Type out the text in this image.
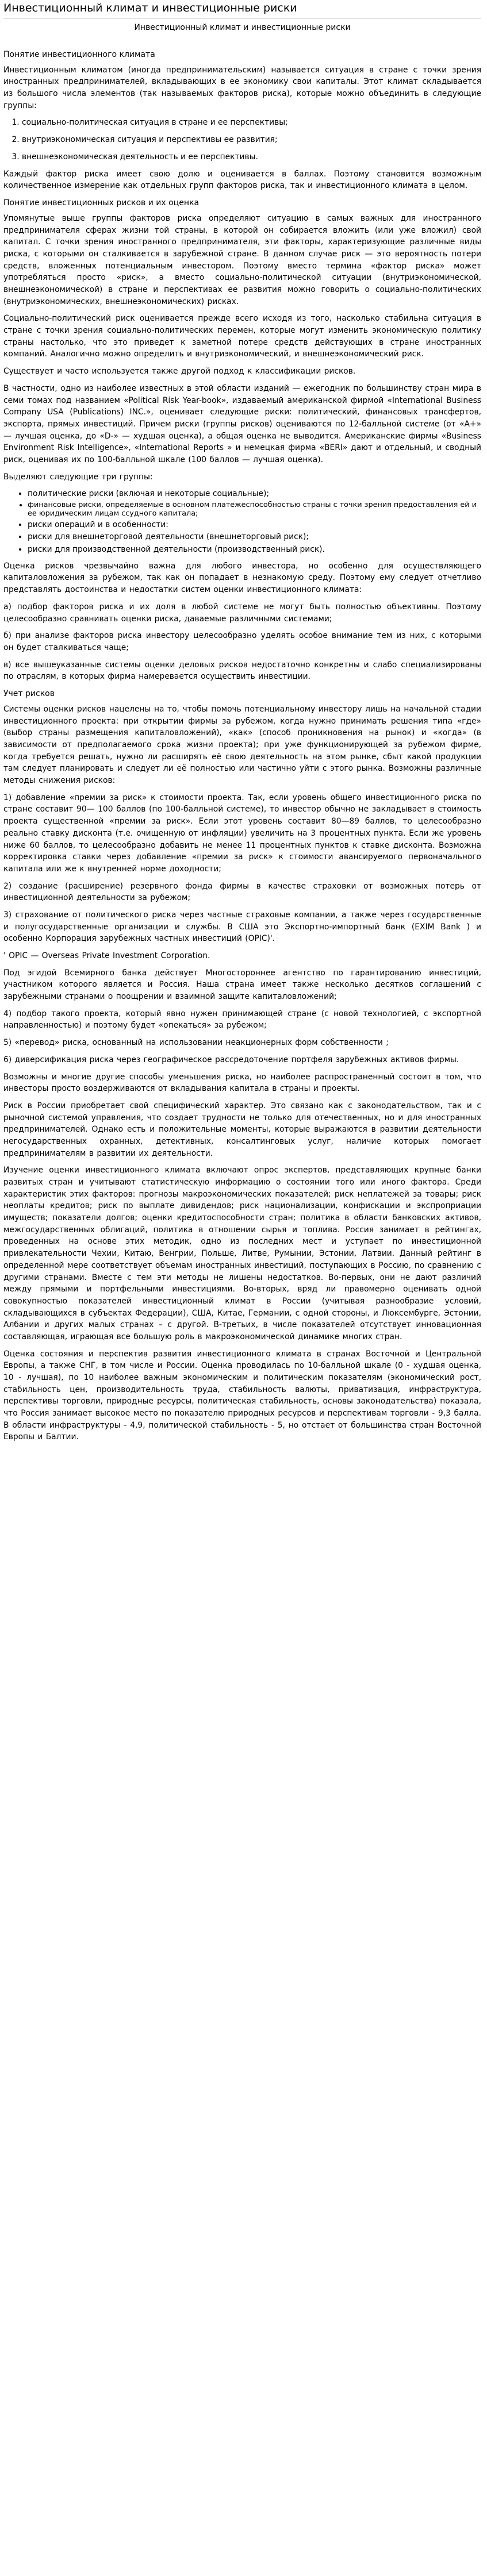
Инвестиционный климат и инвестиционные риски
Инвестиционный климат и инвестиционные риски
Понятие инвестиционного климата

Инвестиционным климатом (иногда предпринимательским) называется ситуация в стране с точки зрения иностранных предпринимателей, вкладывающих в ее экономику свои капиталы. Этот климат складывается из большого числа элементов (так называемых факторов риска), которые можно объединить в следующие группы:

1. социально-политическая ситуация в стране и ее перспективы;
2. внутриэкономическая ситуация и перспективы ее развития;
3. внешнеэкономическая деятельность и ее перспективы.

Каждый фактор риска имеет свою долю и оценивается в баллах. Поэтому становится возможным количественное измерение как отдельных групп факторов риска, так и инвестиционного климата в целом.

Понятие инвестиционных рисков и их оценка

Упомянутые выше группы факторов риска определяют ситуацию в самых важных для иностранного предпринимателя сферах жизни той страны, в которой он собирается вложить (или уже вложил) свой капитал. С точки зрения иностранного предпринимателя, эти факторы, характеризующие различные виды риска, с которыми он сталкивается в зарубежной стране. В данном случае риск — это вероятность потери средств, вложенных потенциальным инвестором. Поэтому вместо термина «фактор риска» может употребляться просто «риск», а вместо социально-политической ситуации (внутриэкономической, внешнеэкономической) в стране и перспективах ее развития можно говорить о социально-политических (внутриэкономических, внешнеэкономических) рисках.

Социально-политический риск оценивается прежде всего исходя из того, насколько стабильна ситуация в стране с точки зрения социально-политических перемен, которые могут изменить экономическую политику страны настолько, что это приведет к заметной потере средств действующих в стране иностранных компаний. Аналогично можно определить и внутриэкономический, и внешнеэкономический риск.

Существует и часто используется также другой подход к классификации рисков.

В частности, одно из наиболее известных в этой области изданий — ежегодник по большинству стран мира в семи томах под названием «Political Risk Year-book», издаваемый американской фирмой «International Business Company USA (Publications) INC.», оценивает следующие риски: политический, финансовых трансфертов, экспорта, прямых инвестиций. Причем риски (группы рисков) оцениваются по 12-балльной системе (от «A+» — лучшая оценка, до «D-» — худшая оценка), а общая оценка не выводится. Американские фирмы «Business Environment Risk Intelligence», «International Reports » и немецкая фирма «BERI» дают и отдельный, и сводный риск, оценивая их по 100-балльной шкале (100 баллов — лучшая оценка).

Выделяют следующие три группы:

• политические риски (включая и некоторые социальные);
• финансовые риски, определяемые в основном платежеспособностью страны с точки зрения предоставления ей и ее юридическим лицам ссудного капитала;
• риски операций и в особенности:
• риски для внешнеторговой деятельности (внешнеторговый риск);
• риски для производственной деятельности (производственный риск).

Оценка рисков чрезвычайно важна для любого инвестора, но особенно для осуществляющего капиталовложения за рубежом, так как он попадает в незнакомую среду. Поэтому ему следует отчетливо представлять достоинства и недостатки систем оценки инвестиционного климата:

а) подбор факторов риска и их доля в любой системе не могут быть полностью объективны. Поэтому целесообразно сравнивать оценки риска, даваемые различными системами;

б) при анализе факторов риска инвестору целесообразно уделять особое внимание тем из них, с которыми он будет сталкиваться чаще;

в) все вышеуказанные системы оценки деловых рисков недостаточно конкретны и слабо специализированы по отраслям, в которых фирма намеревается осуществить инвестиции.

Учет рисков

Системы оценки рисков нацелены на то, чтобы помочь потенциальному инвестору лишь на начальной стадии инвестиционного проекта: при открытии фирмы за рубежом, когда нужно принимать решения типа «где» (выбор страны размещения капиталовложений), «как» (способ проникновения на рынок) и «когда» (в зависимости от предполагаемого срока жизни проекта); при уже функционирующей за рубежом фирме, когда требуется решать, нужно ли расширять её свою деятельность на этом рынке, сбыт какой продукции там следует планировать и следует ли её полностью или частично уйти с этого рынка. Возможны различные методы снижения рисков:

1) добавление «премии за риск» к стоимости проекта. Так, если уровень общего инвестиционного риска по стране составит 90— 100 баллов (по 100-балльной системе), то инвестор обычно не закладывает в стоимость проекта существенной «премии за риск». Если этот уровень составит 80—89 баллов, то целесообразно реально ставку дисконта (т.е. очищенную от инфляции) увеличить на 3 процентных пункта. Если же уровень ниже 60 баллов, то целесообразно добавить не менее 11 процентных пунктов к ставке дисконта. Возможна корректировка ставки через добавление «премии за риск» к стоимости авансируемого первоначального капитала или же к внутренней норме доходности;

2) создание (расширение) резервного фонда фирмы в качестве страховки от возможных потерь от инвестиционной деятельности за рубежом;

3) страхование от политического риска через частные страховые компании, а также через государственные и полугосударственные организации и службы. В США это Экспортно-импортный банк (EXIM Bank ) и особенно Корпорация зарубежных частных инвестиций (OPIC)'.

' OPIC — Overseas Private Investment Corporation.

Под эгидой Всемирного банка действует Многостороннее агентство по гарантированию инвестиций, участником которого является и Россия. Наша страна имеет также несколько десятков соглашений с зарубежными странами о поощрении и взаимной защите капиталовложений;

4) подбор такого проекта, который явно нужен принимающей стране (с новой технологией, с экспортной направленностью) и поэтому будет «опекаться» за рубежом;

5) «перевод» риска, основанный на использовании неакционерных форм собственности ;

6) диверсификация риска через географическое рассредоточение портфеля зарубежных активов фирмы.

Возможны и многие другие способы уменьшения риска, но наиболее распространенный состоит в том, что инвесторы просто воздерживаются от вкладывания капитала в страны и проекты.

Риск в России приобретает свой специфический характер. Это связано как с законодательством, так и с рыночной системой управления, что создает трудности не только для отечественных, но и для иностранных предпринимателей. Однако есть и положительные моменты, которые выражаются в развитии деятельности негосударственных охранных, детективных, консалтинговых услуг, наличие которых помогает предпринимателям в развитии их деятельности.

Изучение оценки инвестиционного климата включают опрос экспертов, представляющих крупные банки развитых стран и учитывают статистическую информацию о состоянии того или иного фактора. Среди характеристик этих факторов: прогнозы макроэкономических показателей; риск неплатежей за товары; риск неоплаты кредитов; риск по выплате дивидендов; риск национализации, конфискации и экспроприации имуществ; показатели долгов; оценки кредитоспособности стран; политика в области банковских активов, межгосударственных облигаций, политика в отношении сырья и топлива. Россия занимает в рейтингах, проведенных на основе этих методик, одно из последних мест и уступает по инвестиционной привлекательности Чехии, Китаю, Венгрии, Польше, Литве, Румынии, Эстонии, Латвии. Данный рейтинг в определенной мере соответствует объемам иностранных инвестиций, поступающих в Россию, по сравнению с другими странами. Вместе с тем эти методы не лишены недостатков. Во-первых, они не дают различий между прямыми и портфельными инвестициями. Во-вторых, вряд ли правомерно оценивать одной совокупностью показателей инвестиционный климат в России (учитывая разнообразие условий, складывающихся в субъектах Федерации), США, Китае, Германии, с одной стороны, и Люксембурге, Эстонии, Албании и других малых странах – с другой. В-третьих, в числе показателей отсутствует инновационная составляющая, играющая все большую роль в макроэкономической динамике многих стран.

Оценка состояния и перспектив развития инвестиционного климата в странах Восточной и Центральной Европы, а также СНГ, в том числе и России. Оценка проводилась по 10-балльной шкале (0 - худшая оценка, 10 - лучшая), по 10 наиболее важным экономическим и политическим показателям (экономический рост, стабильность цен, производительность труда, стабильность валюты, приватизация, инфраструктура, перспективы торговли, природные ресурсы, политическая стабильность, основы законодательства) показала, что Россия занимает высокое место по показателю природных ресурсов и перспективам торговли - 9,3 балла. В области инфраструктуры - 4,9, политической стабильность - 5, но отстает от большинства стран Восточной Европы и Балтии.
